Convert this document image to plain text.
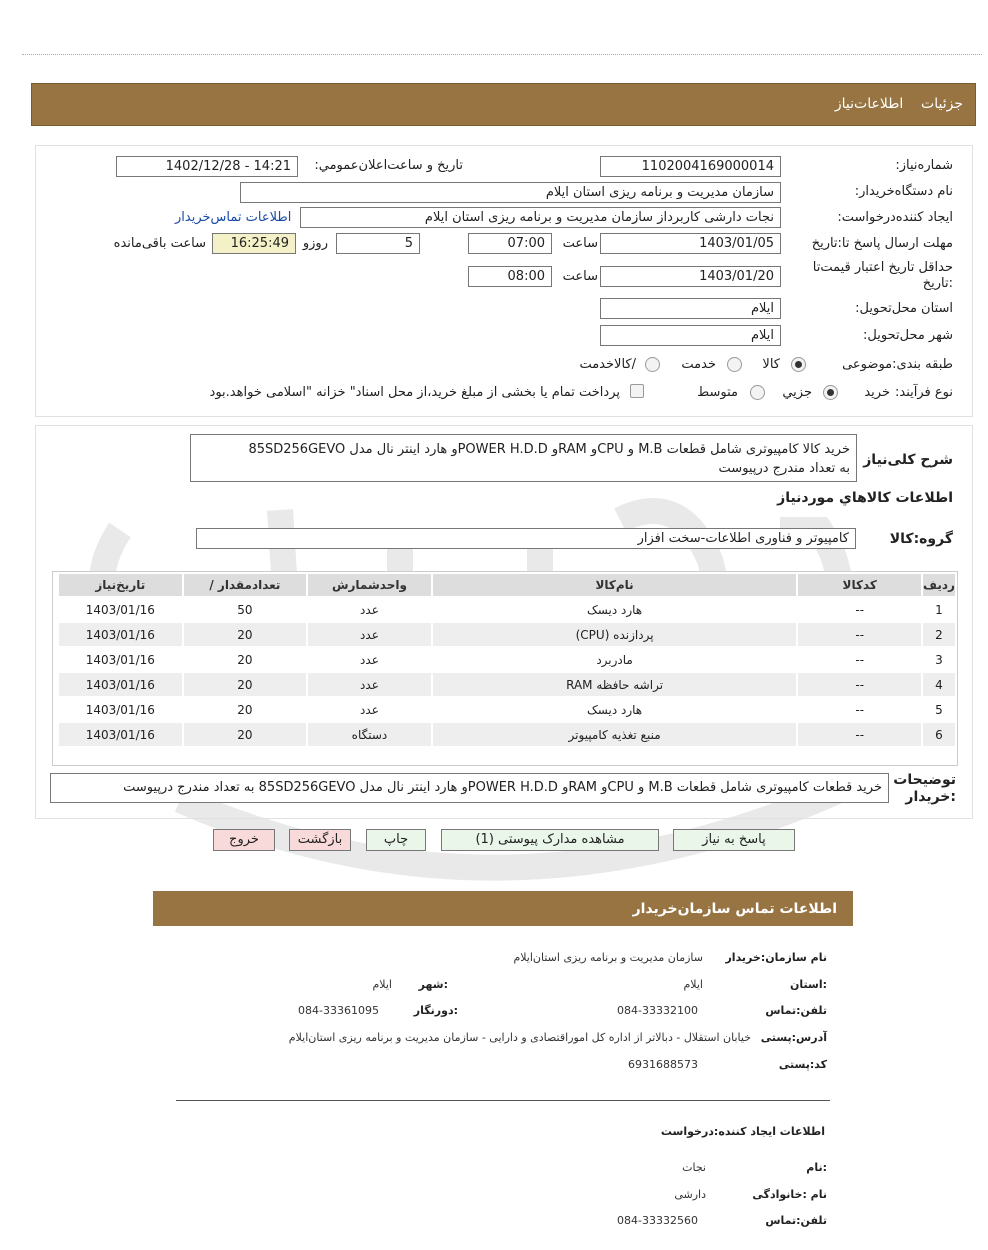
جزئیات    اطلاعات‌نیاز
شماره‌نیاز:
1102004169000014
تاریخ و ساعت‌اعلان‌عمومي:
1402/12/28 - 14:21
نام دستگاه‌خریدار:
سازمان مدیریت و برنامه ریزی استان ایلام
ایجاد کننده‌درخواست:
نجات دارشی کاربرداز سازمان مدیریت و برنامه ریزی استان ایلام
اطلاعات تماس‌خریدار
مهلت ارسال ‌پاسخ تا‌:تاریخ
1403/01/05
ساعت
07:00
5
روزو
16:25:49
ساعت باقی‌مانده
حداقل تاریخ اعتبار ‌قیمت‌تا :تاریخ
1403/01/20
ساعت
08:00
استان محل‌تحویل:
ایلام
شهر محل‌تحویل:
ایلام
طبقه بندی‌:موضوعی
کالا
خدمت
/کالاخدمت
نوع فرآیند:
خرید
جزیي
متوسط
پرداخت تمام یا بخشی از مبلغ خرید،از محل اسناد" خزانه "اسلامی خواهد.بود
شرح کلی‌نیاز
خرید کالا کامپیوتری شامل قطعات M.B و CPUو RAMو POWER H.D.Dو هارد اینتر نال مدل 85SD256GEVO
به تعداد مندرج درپیوست
اطلاعات کالاهاي مورد‌نیاز
گروه‌:کالا
کامپیوتر و فناوری اطلاعات-سخت افزار
ردیف	کدکالا	نام‌کالا	واحد‌شمارش	تعداد‌مقدار /	تاریخ‌نیاز
1	--	هارد دیسک	عدد	50	1403/01/16
2	--	پردازنده (CPU)	عدد	20	1403/01/16
3	--	مادربرد	عدد	20	1403/01/16
4	--	تراشه حافظه RAM	عدد	20	1403/01/16
5	--	هارد دیسک	عدد	20	1403/01/16
6	--	منبع تغذیه کامپیوتر	دستگاه	20	1403/01/16
توضیحات :خریدار
خرید قطعات کامپیوتری شامل قطعات M.B و CPUو RAMو POWER H.D.Dو هارد اینتر نال مدل 85SD256GEVO به تعداد مندرج درپیوست
پاسخ به نیاز
مشاهده مدارک پیوستی (1)
چاپ
بازگشت
خروج
اطلاعات تماس سازمان‌خریدار
نام سازمان‌:خریدار
سازمان مدیریت و برنامه ریزی استان‌ایلام
:استان
ایلام
:شهر
ایلام
تلفن‌:تماس
084-33332100
:دورنگار
084-33361095
آدرس‌:پستی
خیابان استقلال - دبالاتر از اداره کل امور‌اقتصادی و دارایی - سازمان مدیریت و برنامه ریزی استان‌ایلام
کد‌:پستی
6931688573
اطلاعات ایجاد کننده‌:درخواست
:نام
نجات
نام :خانوادگی
دارشی
تلفن‌:تماس
084-33332560
